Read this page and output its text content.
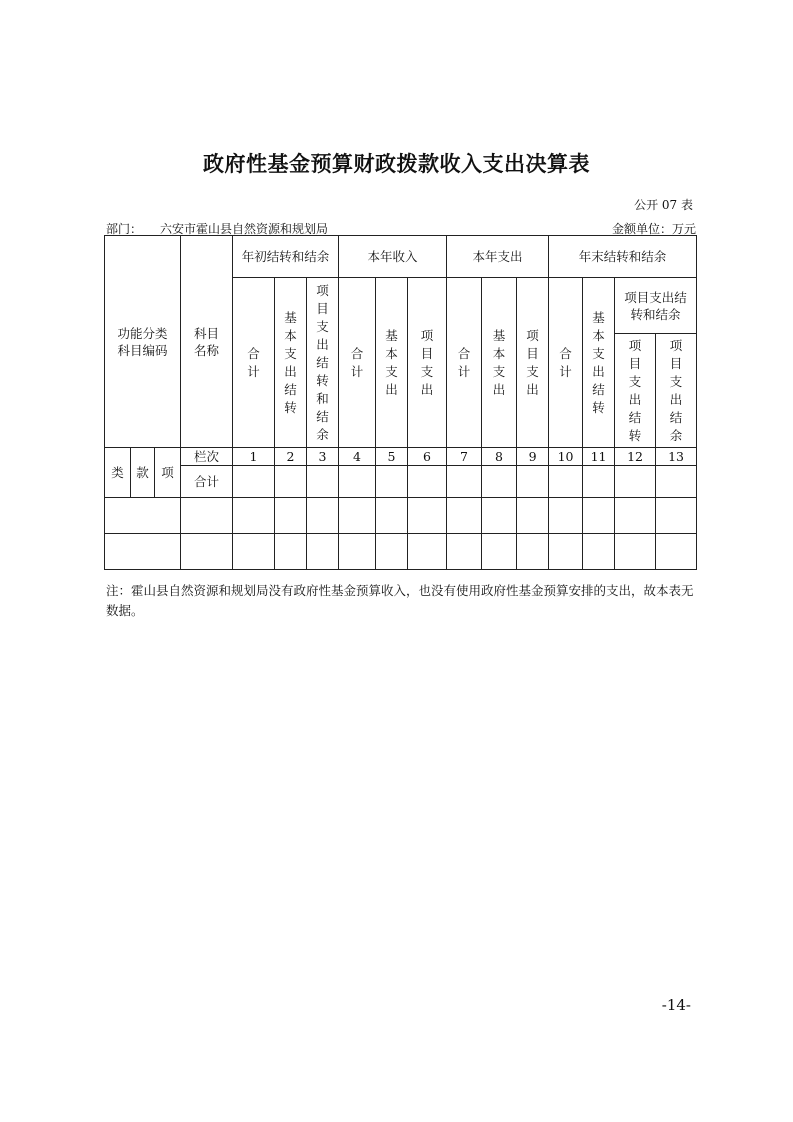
政府性基金预算财政拨款收入支出决算表
公开 07 表
部门： 六安市霍山县自然资源和规划局	金额单位：万元
功能分类科目编码			科目名称	年初结转和结余			本年收入			本年支出			年末结转和结余			
				合计	基本支出结转	项目支出结转和结余	合计	基本支出	项目支出	合计	基本支出	项目支出	合计	基本支出结转	项目支出结转和结余	
															项目支出结转	项目支出结余

类	款	项	栏次	1	2	3	4	5	6	7	8	9	10	11	12	13
			合计													

注：霍山县自然资源和规划局没有政府性基金预算收入，也没有使用政府性基金预算安排的支出，故本表无数据。
-14-
